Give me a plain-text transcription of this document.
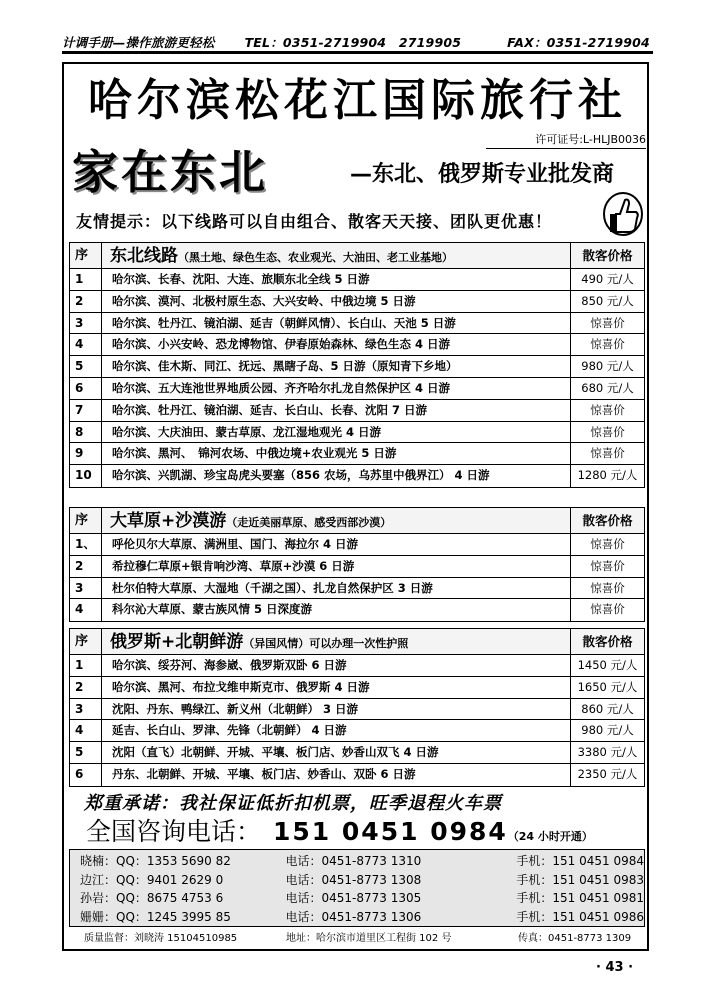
计调手册—操作旅游更轻松 TEL：0351-2719904　2719905	FAX：0351-2719904
哈尔滨松花江国际旅行社
许可证号:L-HLJB0036
家在东北	—东北、俄罗斯专业批发商
友情提示：以下线路可以自由组合、散客天天接、团队更优惠！
序	东北线路（黑土地、绿色生态、农业观光、大油田、老工业基地）	散客价格
1	哈尔滨、长春、沈阳、大连、旅顺东北全线 5 日游	490 元/人
2	哈尔滨、漠河、北极村原生态、大兴安岭、中俄边境 5 日游	850 元/人
3	哈尔滨、牡丹江、镜泊湖、延吉（朝鲜风情）、长白山、天池 5 日游	惊喜价
4	哈尔滨、小兴安岭、恐龙博物馆、伊春原始森林、绿色生态 4 日游	惊喜价
5	哈尔滨、佳木斯、同江、抚远、黑瞎子岛、5 日游（原知青下乡地）	980 元/人
6	哈尔滨、五大连池世界地质公园、齐齐哈尔扎龙自然保护区 4 日游	680 元/人
7	哈尔滨、牡丹江、镜泊湖、延吉、长白山、长春、沈阳 7 日游	惊喜价
8	哈尔滨、大庆油田、蒙古草原、龙江湿地观光 4 日游	惊喜价
9	哈尔滨、黑河、　锦河农场、中俄边境+农业观光 5 日游	惊喜价
10	哈尔滨、兴凯湖、珍宝岛虎头要塞（856 农场，乌苏里中俄界江） 4 日游	1280 元/人
序	大草原+沙漠游（走近美丽草原、感受西部沙漠）	散客价格
1、	呼伦贝尔大草原、满洲里、国门、海拉尔 4 日游	惊喜价
2	希拉穆仁草原+银肯响沙湾、草原+沙漠 6 日游	惊喜价
3	杜尔伯特大草原、大湿地（千湖之国）、扎龙自然保护区 3 日游	惊喜价
4	科尔沁大草原、蒙古族风情 5 日深度游	惊喜价
序	俄罗斯+北朝鲜游（异国风情）可以办理一次性护照	散客价格
1	哈尔滨、绥芬河、海参崴、俄罗斯双卧 6 日游	1450 元/人
2	哈尔滨、黑河、布拉戈维申斯克市、俄罗斯 4 日游	1650 元/人
3	沈阳、丹东、鸭绿江、新义州（北朝鲜） 3 日游	860 元/人
4	延吉、长白山、罗津、先锋（北朝鲜） 4 日游	980 元/人
5	沈阳（直飞）北朝鲜、开城、平壤、板门店、妙香山双飞 4 日游	3380 元/人
6	丹东、北朝鲜、开城、平壤、板门店、妙香山、双卧 6 日游	2350 元/人
郑重承诺：我社保证低折扣机票，旺季退程火车票
全国咨询电话： 151 0451 0984（24 小时开通）
晓楠：QQ：1353 5690 82	电话：0451-8773 1310	手机：151 0451 0984
边江：QQ：9401 2629 0	电话：0451-8773 1308	手机：151 0451 0983
孙岩：QQ：8675 4753 6	电话：0451-8773 1305	手机：151 0451 0981
姗姗：QQ：1245 3995 85	电话：0451-8773 1306	手机：151 0451 0986
质量监督：刘晓涛 15104510985	地址：哈尔滨市道里区工程街 102 号	传真：0451-8773 1309
· 43 ·
